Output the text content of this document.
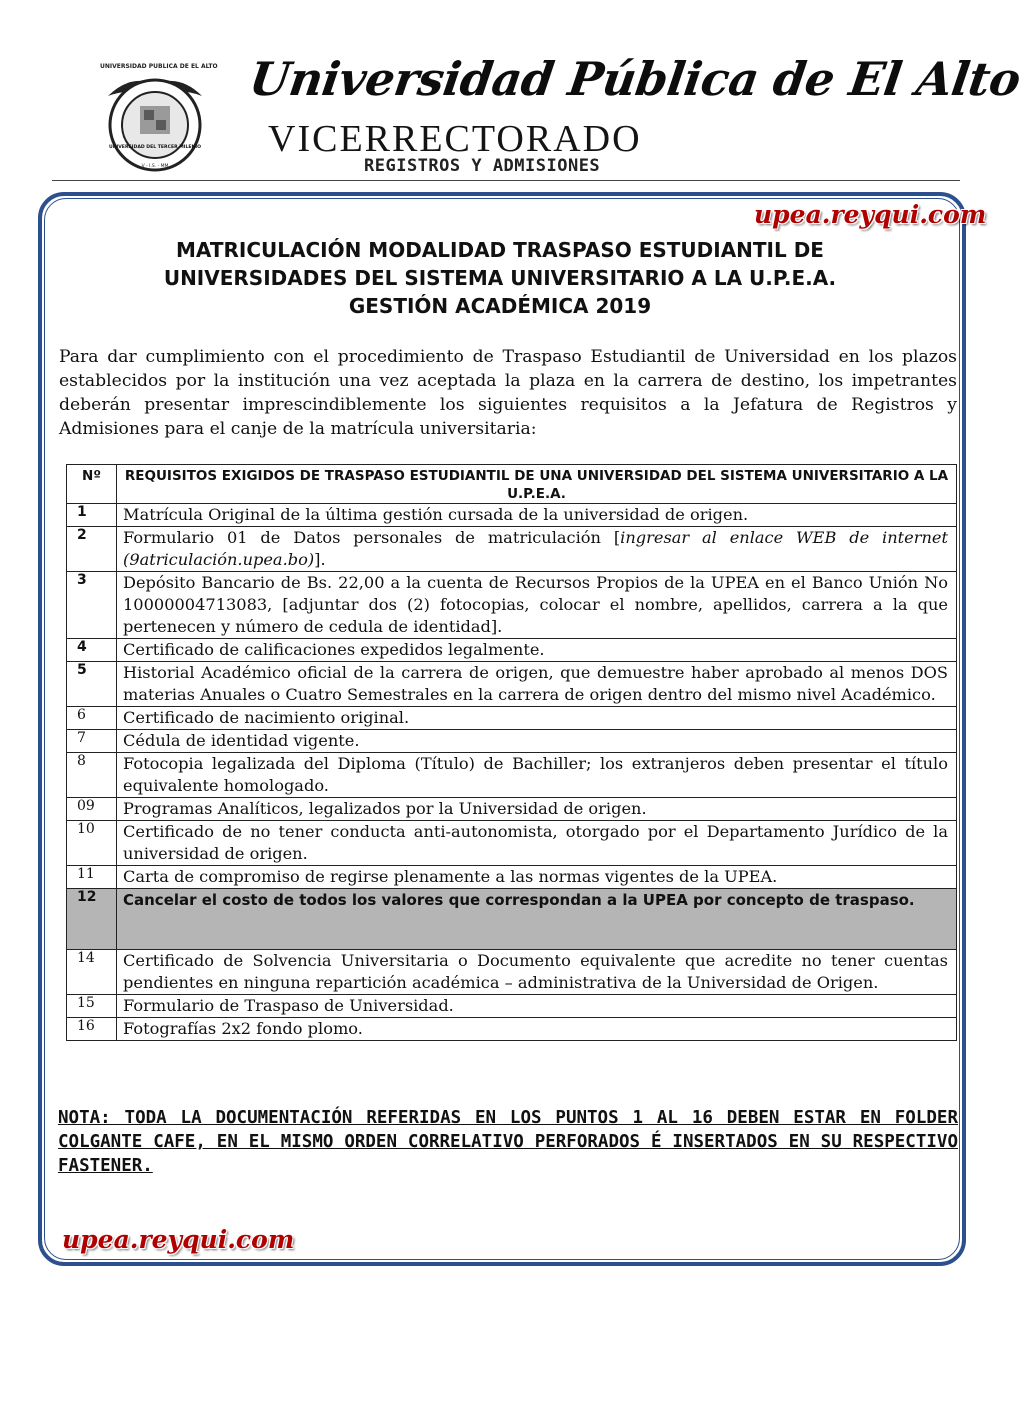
UNIVERSIDAD PUBLICA DE EL ALTO
UNIVERSIDAD DEL TERCER MILENIO
V - I.S. - MM
Universidad Pública de El Alto
VICERRECTORADO
REGISTROS Y ADMISIONES
upea.reyqui.com
MATRICULACIÓN MODALIDAD TRASPASO ESTUDIANTIL DE
UNIVERSIDADES DEL SISTEMA UNIVERSITARIO A LA U.P.E.A.
GESTIÓN ACADÉMICA 2019
Para dar cumplimiento con el procedimiento de Traspaso Estudiantil de Universidad en los plazos establecidos por la institución una vez aceptada la plaza en la carrera de destino, los impetrantes deberán presentar imprescindiblemente los siguientes requisitos a la Jefatura de Registros y Admisiones para el canje de la matrícula universitaria:
Nº	REQUISITOS EXIGIDOS DE TRASPASO ESTUDIANTIL DE UNA UNIVERSIDAD DEL SISTEMA UNIVERSITARIO A LA U.P.E.A.
1	Matrícula Original de la última gestión cursada de la universidad de origen.
2	Formulario 01 de Datos personales de matriculación [ingresar al enlace WEB de internet (9atriculación.upea.bo)].
3	Depósito Bancario de Bs. 22,00 a la cuenta de Recursos Propios de la UPEA en el Banco Unión No 10000004713083, [adjuntar dos (2) fotocopias, colocar el nombre, apellidos, carrera a la que pertenecen y número de cedula de identidad].
4	Certificado de calificaciones expedidos legalmente.
5	Historial Académico oficial de la carrera de origen, que demuestre haber aprobado al menos DOS materias Anuales o Cuatro Semestrales en la carrera de origen dentro del mismo nivel Académico.
6	Certificado de nacimiento original.
7	Cédula de identidad vigente.
8	Fotocopia legalizada del Diploma (Título) de Bachiller; los extranjeros deben presentar el título equivalente homologado.
09	Programas Analíticos, legalizados por la Universidad de origen.
10	Certificado de no tener conducta anti-autonomista, otorgado por el Departamento Jurídico de la universidad de origen.
11	Carta de compromiso de regirse plenamente a las normas vigentes de la UPEA.
12	Cancelar el costo de todos los valores que correspondan a la UPEA por concepto de traspaso.
14	Certificado de Solvencia Universitaria o Documento equivalente que acredite no tener cuentas pendientes en ninguna repartición académica – administrativa de la Universidad de Origen.
15	Formulario de Traspaso de Universidad.
16	Fotografías 2x2 fondo plomo.
NOTA: TODA LA DOCUMENTACIÓN REFERIDAS EN LOS PUNTOS 1 AL 16 DEBEN ESTAR EN FOLDER COLGANTE CAFE, EN EL MISMO ORDEN CORRELATIVO PERFORADOS É INSERTADOS EN SU RESPECTIVO FASTENER.
upea.reyqui.com
